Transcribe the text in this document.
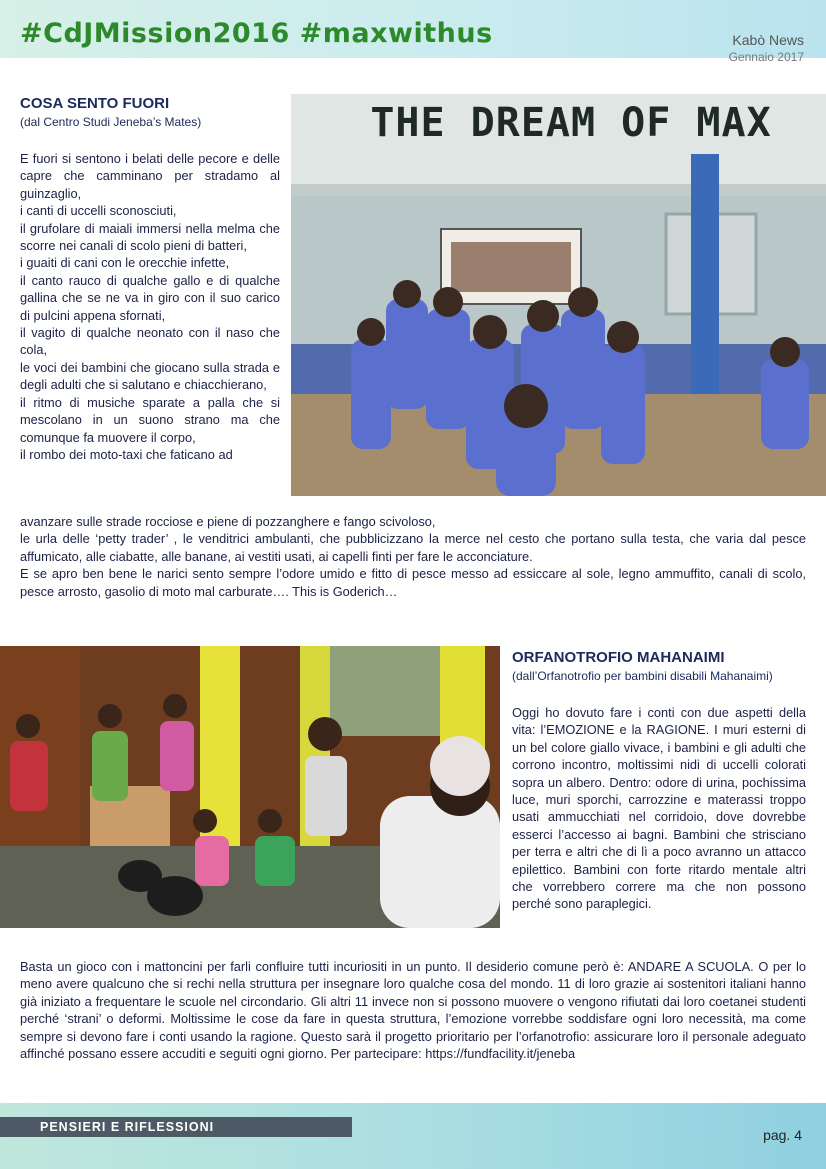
#CdJMission2016 #maxwithus	Kabò News
Gennaio 2017
COSA SENTO FUORI

(dal Centro Studi Jeneba’s Mates)

E fuori si sentono i belati delle pecore e delle capre che camminano per stradamo al guinzaglio,

i canti di uccelli sconosciuti,

il grufolare di maiali immersi nella melma che scorre nei canali di scolo pieni di batteri,

i guaiti di cani con le orecchie infette,

il canto rauco di qualche gallo e di qualche gallina che se ne va in giro con il suo carico di pulcini appena sfornati,

il vagito di qualche neonato con il naso che cola,

le voci dei bambini che giocano sulla strada e degli adulti che si salutano e chiacchierano,

il ritmo di musiche sparate a palla che si mescolano in un suono strano ma che comunque fa muovere il corpo,

il rombo dei moto-taxi che faticano ad

THE DREAM OF MAX

avanzare sulle strade rocciose e piene di pozzanghere e fango scivoloso,

le urla delle ‘petty trader’ , le venditrici ambulanti, che pubblicizzano la merce nel cesto che portano sulla testa, che varia dal pesce affumicato, alle ciabatte, alle banane, ai vestiti usati, ai capelli finti per fare le acconciature.

E se apro ben bene le narici sento sempre l’odore umido e fitto di pesce messo ad essiccare al sole, legno ammuffito, canali di scolo, pesce arrosto, gasolio di moto mal carburate…. This is Goderich…

ORFANOTROFIO MAHANAIMI

(dall’Orfanotrofio per bambini disabili Mahanaimi)

Oggi ho dovuto fare i conti con due aspetti della vita: l’EMOZIONE e la RAGIONE. I muri esterni di un bel colore giallo vivace, i bambini e gli adulti che corrono incontro, moltissimi nidi di uccelli colorati sopra un albero. Dentro: odore di urina, pochissima luce, muri sporchi, carrozzine e materassi troppo usati ammucchiati nel corridoio, dove dovrebbe esserci l’accesso ai bagni. Bambini che strisciano per terra e altri che di lì a poco avranno un attacco epilettico. Bambini con forte ritardo mentale altri che vorrebbero correre ma che non possono perché sono paraplegici.
Basta un gioco con i mattoncini per farli confluire tutti incuriositi in un punto. Il desiderio comune però è: ANDARE A SCUOLA. O per lo meno avere qualcuno che si rechi nella struttura per insegnare loro qualche cosa del mondo. 11 di loro grazie ai sostenitori italiani hanno già iniziato a frequentare le scuole nel circondario. Gli altri 11 invece non si possono muovere o vengono rifiutati dai loro coetanei studenti perché ‘strani’ o deformi. Moltissime le cose da fare in questa struttura, l’emozione vorrebbe soddisfare ogni loro necessità, ma come sempre si devono fare i conti usando la ragione. Questo sarà il progetto prioritario per l’orfanotrofio: assicurare loro il personale adeguato affinché possano essere accuditi e seguiti ogni giorno. Per partecipare: https://fundfacility.it/jeneba
PENSIERI E RIFLESSIONI	pag. 4
